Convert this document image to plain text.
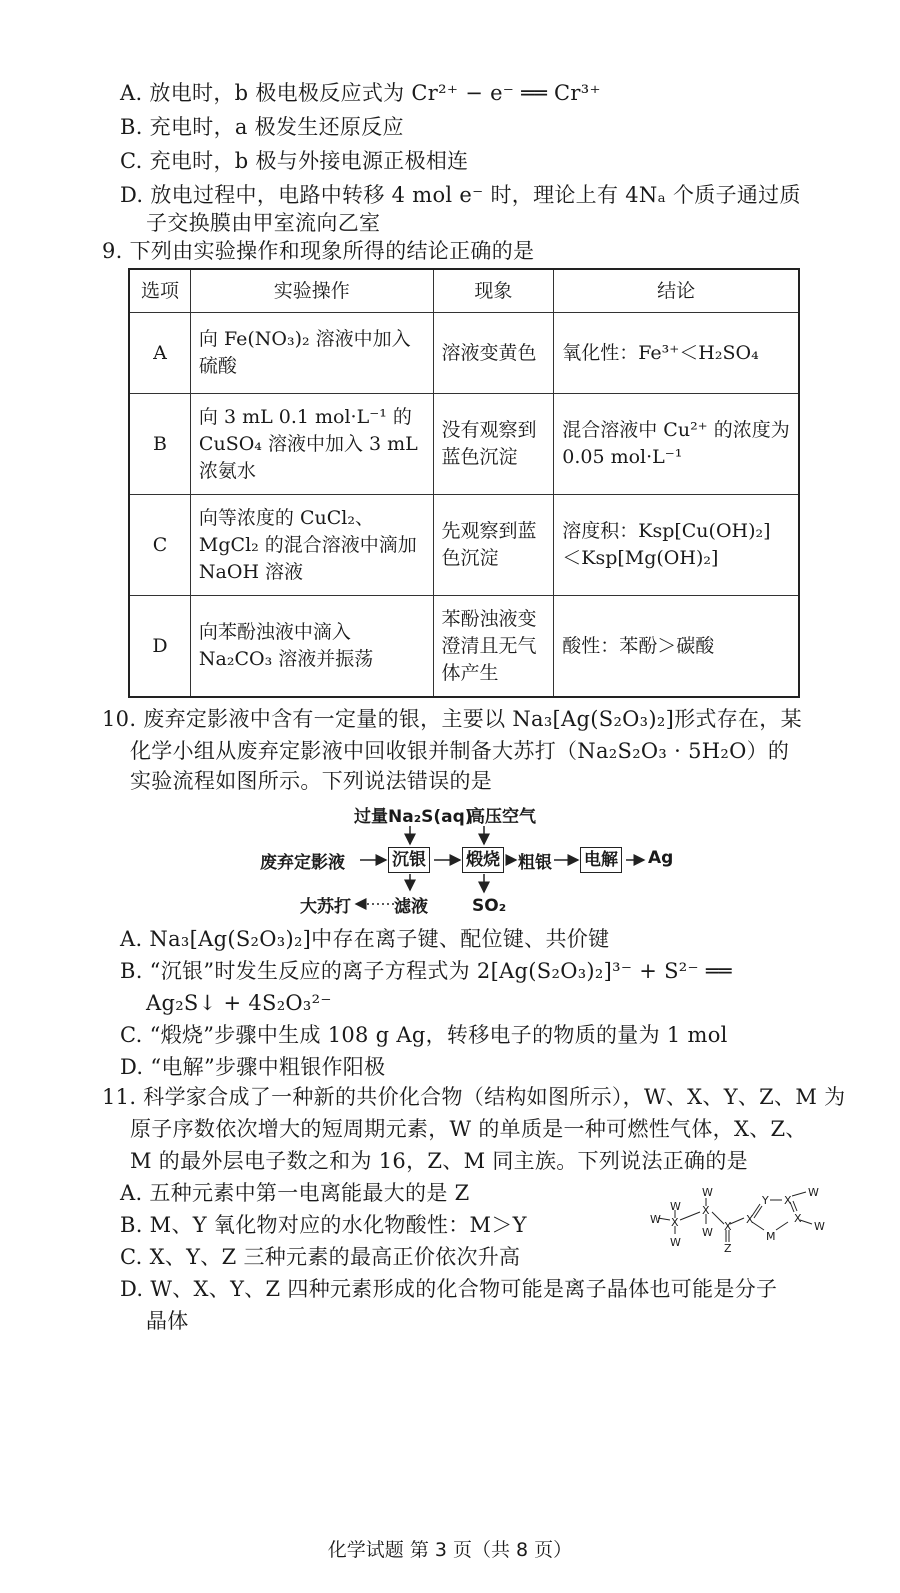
A. 放电时，b 极电极反应式为 Cr²⁺ − e⁻ ══ Cr³⁺
B. 充电时，a 极发生还原反应
C. 充电时，b 极与外接电源正极相连
D. 放电过程中，电路中转移 4 mol e⁻ 时，理论上有 4Nₐ 个质子通过质
子交换膜由甲室流向乙室
9. 下列由实验操作和现象所得的结论正确的是
选项	实验操作	现象	结论
A	向 Fe(NO₃)₂ 溶液中加入硫酸	溶液变黄色	氧化性：Fe³⁺＜H₂SO₄
B	向 3 mL 0.1 mol·L⁻¹ 的 CuSO₄ 溶液中加入 3 mL 浓氨水	没有观察到蓝色沉淀	混合溶液中 Cu²⁺ 的浓度为 0.05 mol·L⁻¹
C	向等浓度的 CuCl₂、MgCl₂ 的混合溶液中滴加 NaOH 溶液	先观察到蓝色沉淀	溶度积：Ksp[Cu(OH)₂] ＜Ksp[Mg(OH)₂]
D	向苯酚浊液中滴入 Na₂CO₃ 溶液并振荡	苯酚浊液变澄清且无气体产生	酸性：苯酚＞碳酸
10. 废弃定影液中含有一定量的银，主要以 Na₃[Ag(S₂O₃)₂]形式存在，某
化学小组从废弃定影液中回收银并制备大苏打（Na₂S₂O₃ · 5H₂O）的
实验流程如图所示。下列说法错误的是
过量Na₂S(aq)
高压空气
废弃定影液	沉银 煅烧 粗银 电解 Ag
大苏打	滤液	SO₂
A. Na₃[Ag(S₂O₃)₂]中存在离子键、配位键、共价键
B. “沉银”时发生反应的离子方程式为 2[Ag(S₂O₃)₂]³⁻ + S²⁻ ══
Ag₂S↓ + 4S₂O₃²⁻
C. “煅烧”步骤中生成 108 g Ag，转移电子的物质的量为 1 mol
D. “电解”步骤中粗银作阳极
11. 科学家合成了一种新的共价化合物（结构如图所示），W、X、Y、Z、M 为
原子序数依次增大的短周期元素，W 的单质是一种可燃性气体，X、Z、
M 的最外层电子数之和为 16，Z、M 同主族。下列说法正确的是
A. 五种元素中第一电离能最大的是 Z
B. M、Y 氧化物对应的水化物酸性：M＞Y
C. X、Y、Z 三种元素的最高正价依次升高
D. W、X、Y、Z 四种元素形成的化合物可能是离子晶体也可能是分子
晶体
W
W X
W
W
X
W X
Z
X
Y X
W
X
W
M
化学试题 第 3 页（共 8 页）
